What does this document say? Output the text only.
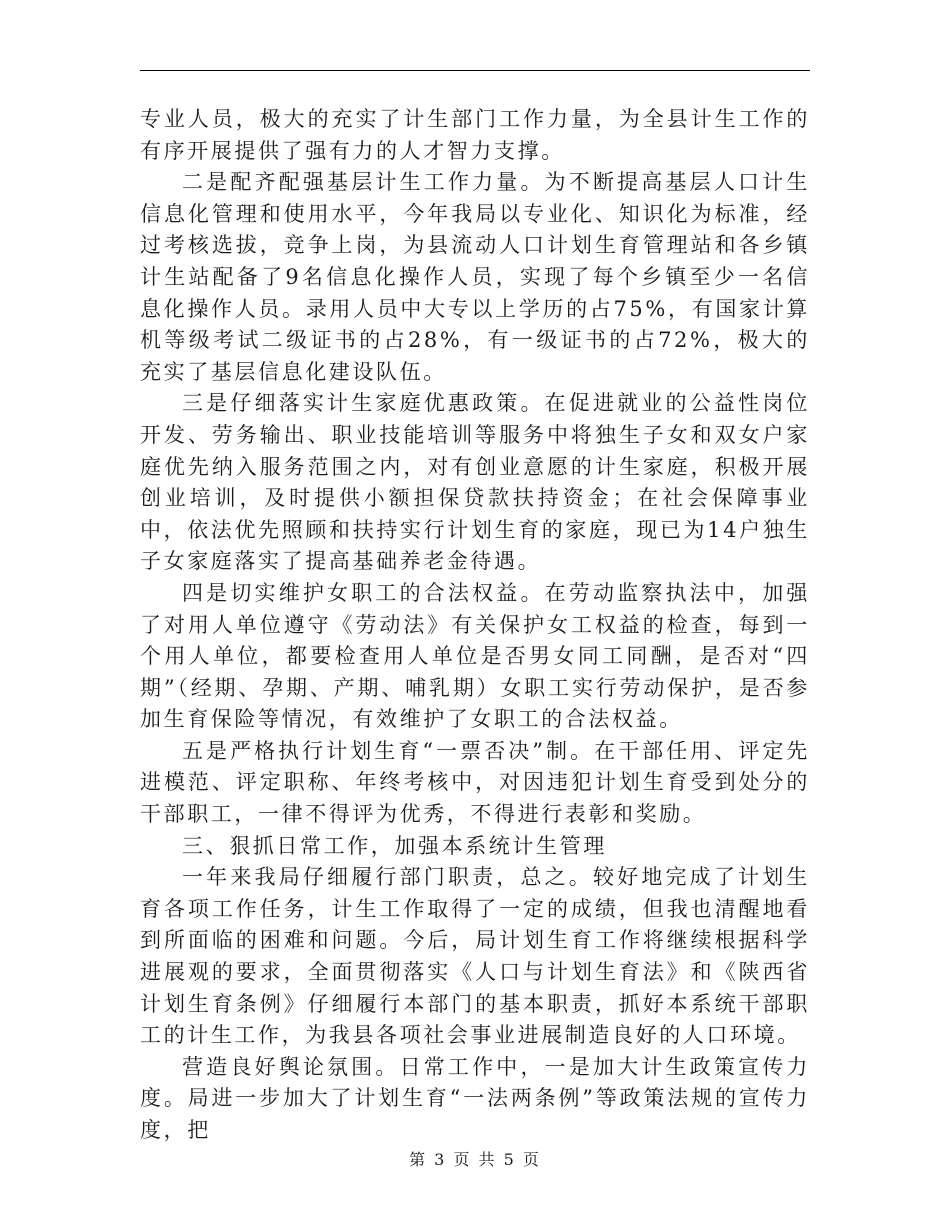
专业人员，极大的充实了计生部门工作力量，为全县计生工作的有序开展提供了强有力的人才智力支撑。

二是配齐配强基层计生工作力量。为不断提高基层人口计生信息化管理和使用水平，今年我局以专业化、知识化为标准，经过考核选拔，竞争上岗，为县流动人口计划生育管理站和各乡镇计生站配备了9名信息化操作人员，实现了每个乡镇至少一名信息化操作人员。录用人员中大专以上学历的占75%，有国家计算机等级考试二级证书的占28%，有一级证书的占72%，极大的充实了基层信息化建设队伍。

三是仔细落实计生家庭优惠政策。在促进就业的公益性岗位开发、劳务输出、职业技能培训等服务中将独生子女和双女户家庭优先纳入服务范围之内，对有创业意愿的计生家庭，积极开展创业培训，及时提供小额担保贷款扶持资金；在社会保障事业中，依法优先照顾和扶持实行计划生育的家庭，现已为14户独生子女家庭落实了提高基础养老金待遇。

四是切实维护女职工的合法权益。在劳动监察执法中，加强了对用人单位遵守《劳动法》有关保护女工权益的检查，每到一个用人单位，都要检查用人单位是否男女同工同酬，是否对“四期”（经期、孕期、产期、哺乳期）女职工实行劳动保护，是否参加生育保险等情况，有效维护了女职工的合法权益。

五是严格执行计划生育“一票否决”制。在干部任用、评定先进模范、评定职称、年终考核中，对因违犯计划生育受到处分的干部职工，一律不得评为优秀，不得进行表彰和奖励。

三、狠抓日常工作，加强本系统计生管理

一年来我局仔细履行部门职责，总之。较好地完成了计划生育各项工作任务，计生工作取得了一定的成绩，但我也清醒地看到所面临的困难和问题。今后，局计划生育工作将继续根据科学进展观的要求，全面贯彻落实《人口与计划生育法》和《陕西省计划生育条例》仔细履行本部门的基本职责，抓好本系统干部职工的计生工作，为我县各项社会事业进展制造良好的人口环境。

营造良好舆论氛围。日常工作中，一是加大计生政策宣传力度。局进一步加大了计划生育“一法两条例”等政策法规的宣传力度，把

第 3 页 共 5 页
